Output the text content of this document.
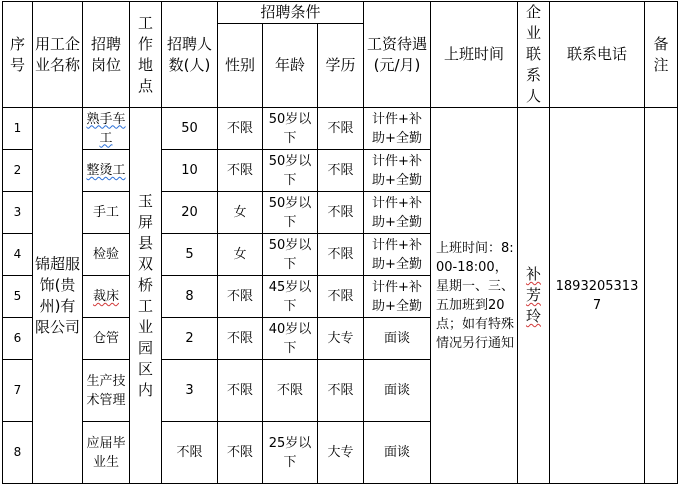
序号	用工企业名称	招聘岗位	工作地点	招聘人数(人)	招聘条件			工资待遇(元/月)	上班时间	企业联系人	联系电话	备注
					性别	年龄	学历					
1	锦超服饰(贵州)有限公司	熟手车工	玉屏县双桥工业园区内	50	不限	50岁以下	不限	计件+补助+全勤	上班时间：8:00-18:00，星期一、三、五加班到20点；如有特殊情况另行通知	补芳玲	18932053137	
2		整烫工		10	不限	50岁以下	不限	计件+补助+全勤				
3		手工		20	女	50岁以下	不限	计件+补助+全勤				
4		检验		5	女	50岁以下	不限	计件+补助+全勤				
5		裁床		8	不限	45岁以下	不限	计件+补助+全勤				
6		仓管		2	不限	40岁以下	大专	面谈				
7		生产技术管理		3	不限	不限	不限	面谈				
8		应届毕业生		不限	不限	25岁以下	大专	面谈				
